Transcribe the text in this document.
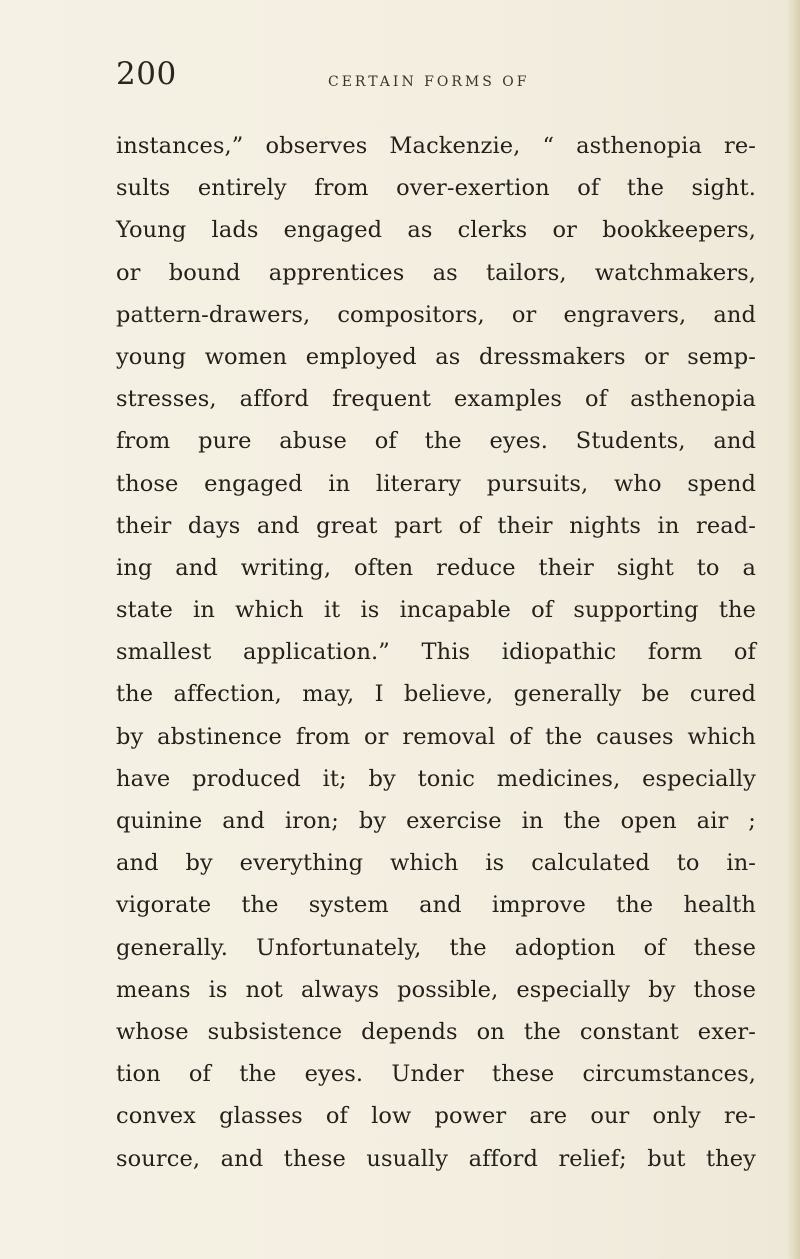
200	CERTAIN FORMS OF
instances,” observes Mackenzie, “ asthenopia re-
sults entirely from over-exertion of the sight.
Young lads engaged as clerks or bookkeepers,
or bound apprentices as tailors, watchmakers,
pattern-drawers, compositors, or engravers, and
young women employed as dressmakers or semp-
stresses, afford frequent examples of asthenopia
from pure abuse of the eyes. Students, and
those engaged in literary pursuits, who spend
their days and great part of their nights in read-
ing and writing, often reduce their sight to a
state in which it is incapable of supporting the
smallest application.” This idiopathic form of
the affection, may, I believe, generally be cured
by abstinence from or removal of the causes which
have produced it; by tonic medicines, especially
quinine and iron; by exercise in the open air ;
and by everything which is calculated to in-
vigorate the system and improve the health
generally. Unfortunately, the adoption of these
means is not always possible, especially by those
whose subsistence depends on the constant exer-
tion of the eyes. Under these circumstances,
convex glasses of low power are our only re-
source, and these usually afford relief; but they
